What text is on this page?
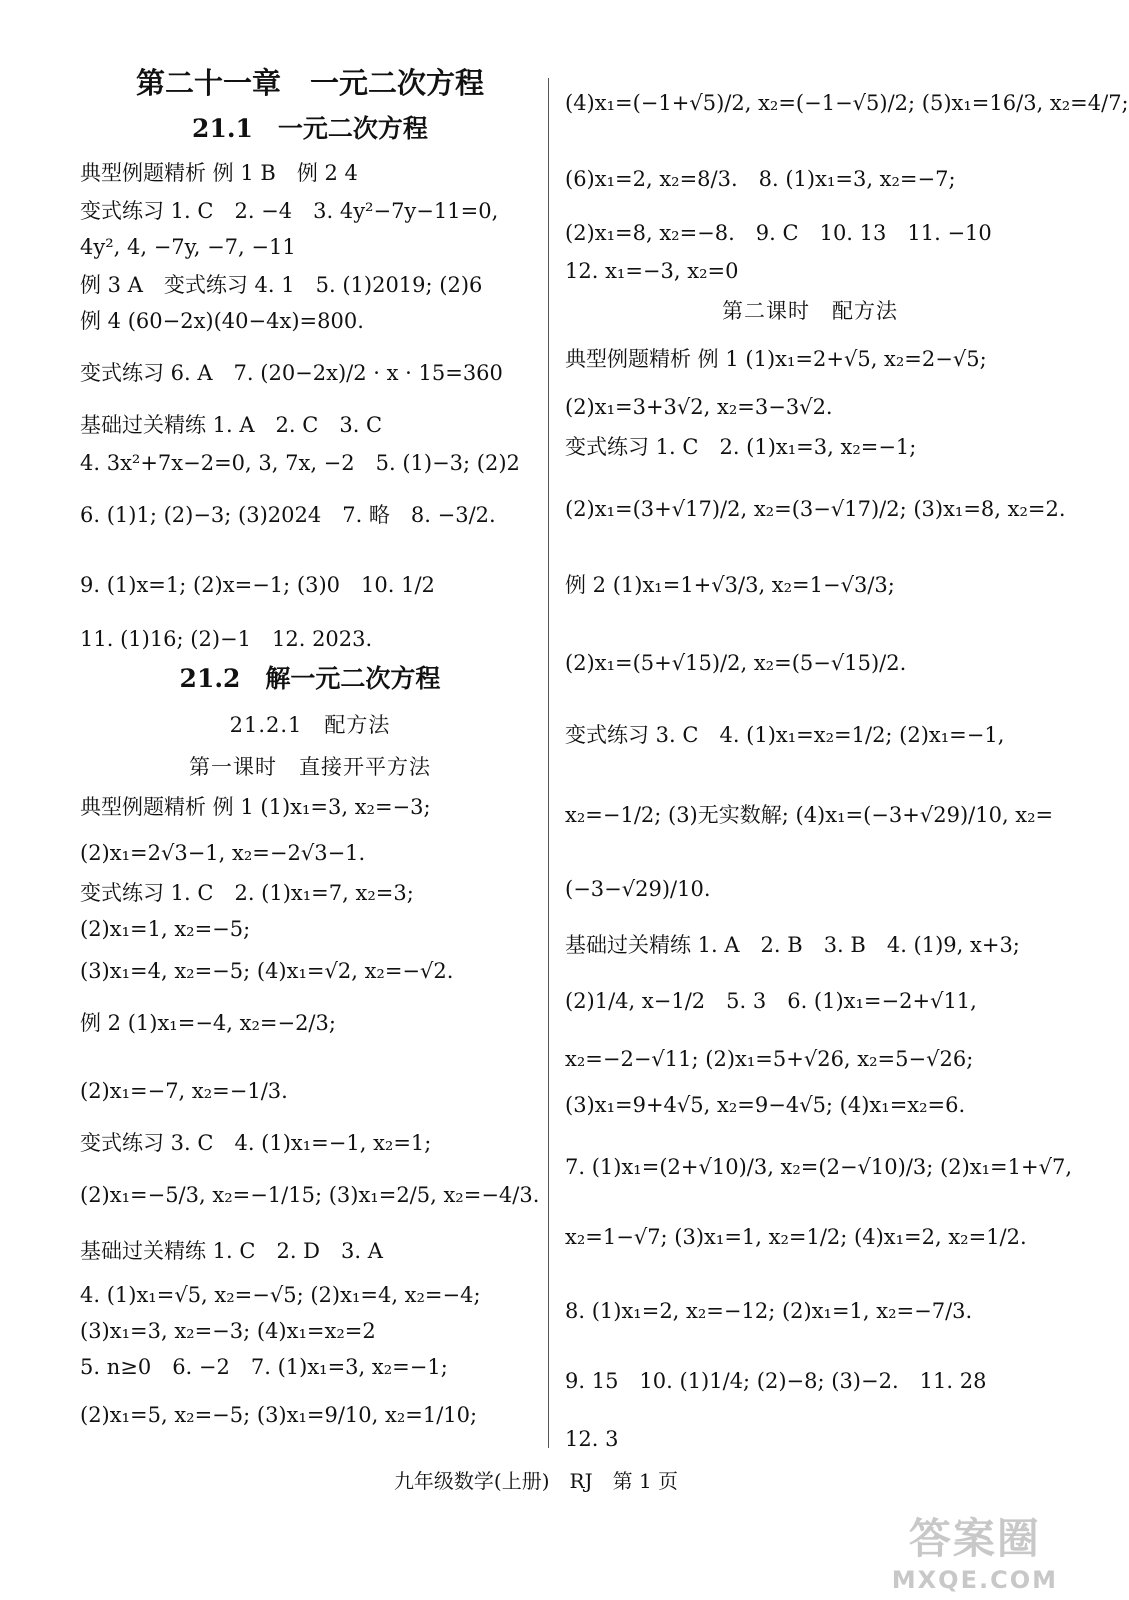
第二十一章　一元二次方程
21.1　一元二次方程
典型例题精析 例 1 B　例 2 4
变式练习 1. C　2. −4　3. 4y²−7y−11=0,
4y², 4, −7y, −7, −11
例 3 A　变式练习 4. 1　5. (1)2019; (2)6
例 4 (60−2x)(40−4x)=800.
变式练习 6. A　7. (20−2x)/2 · x · 15=360
基础过关精练 1. A　2. C　3. C
4. 3x²+7x−2=0, 3, 7x, −2　5. (1)−3; (2)2
6. (1)1; (2)−3; (3)2024　7. 略　8. −3/2.
9. (1)x=1; (2)x=−1; (3)0　10. 1/2
11. (1)16; (2)−1　12. 2023.
21.2　解一元二次方程
21.2.1　配方法
第一课时　直接开平方法
典型例题精析 例 1 (1)x₁=3, x₂=−3;
(2)x₁=2√3−1, x₂=−2√3−1.
变式练习 1. C　2. (1)x₁=7, x₂=3;
(2)x₁=1, x₂=−5;
(3)x₁=4, x₂=−5; (4)x₁=√2, x₂=−√2.
例 2 (1)x₁=−4, x₂=−2/3;
(2)x₁=−7, x₂=−1/3.
变式练习 3. C　4. (1)x₁=−1, x₂=1;
(2)x₁=−5/3, x₂=−1/15; (3)x₁=2/5, x₂=−4/3.
基础过关精练 1. C　2. D　3. A
4. (1)x₁=√5, x₂=−√5; (2)x₁=4, x₂=−4;
(3)x₁=3, x₂=−3; (4)x₁=x₂=2
5. n≥0　6. −2　7. (1)x₁=3, x₂=−1;
(2)x₁=5, x₂=−5; (3)x₁=9/10, x₂=1/10;
(4)x₁=(−1+√5)/2, x₂=(−1−√5)/2; (5)x₁=16/3, x₂=4/7;
(6)x₁=2, x₂=8/3.　8. (1)x₁=3, x₂=−7;
(2)x₁=8, x₂=−8.　9. C　10. 13　11. −10
12. x₁=−3, x₂=0
第二课时　配方法
典型例题精析 例 1 (1)x₁=2+√5, x₂=2−√5;
(2)x₁=3+3√2, x₂=3−3√2.
变式练习 1. C　2. (1)x₁=3, x₂=−1;
(2)x₁=(3+√17)/2, x₂=(3−√17)/2; (3)x₁=8, x₂=2.
例 2 (1)x₁=1+√3/3, x₂=1−√3/3;
(2)x₁=(5+√15)/2, x₂=(5−√15)/2.
变式练习 3. C　4. (1)x₁=x₂=1/2; (2)x₁=−1,
x₂=−1/2; (3)无实数解; (4)x₁=(−3+√29)/10, x₂=
(−3−√29)/10.
基础过关精练 1. A　2. B　3. B　4. (1)9, x+3;
(2)1/4, x−1/2　5. 3　6. (1)x₁=−2+√11,
x₂=−2−√11; (2)x₁=5+√26, x₂=5−√26;
(3)x₁=9+4√5, x₂=9−4√5; (4)x₁=x₂=6.
7. (1)x₁=(2+√10)/3, x₂=(2−√10)/3; (2)x₁=1+√7,
x₂=1−√7; (3)x₁=1, x₂=1/2; (4)x₁=2, x₂=1/2.
8. (1)x₁=2, x₂=−12; (2)x₁=1, x₂=−7/3.
9. 15　10. (1)1/4; (2)−8; (3)−2.　11. 28
12. 3
九年级数学(上册)　RJ　第 1 页
答案圈
MXQE.COM
